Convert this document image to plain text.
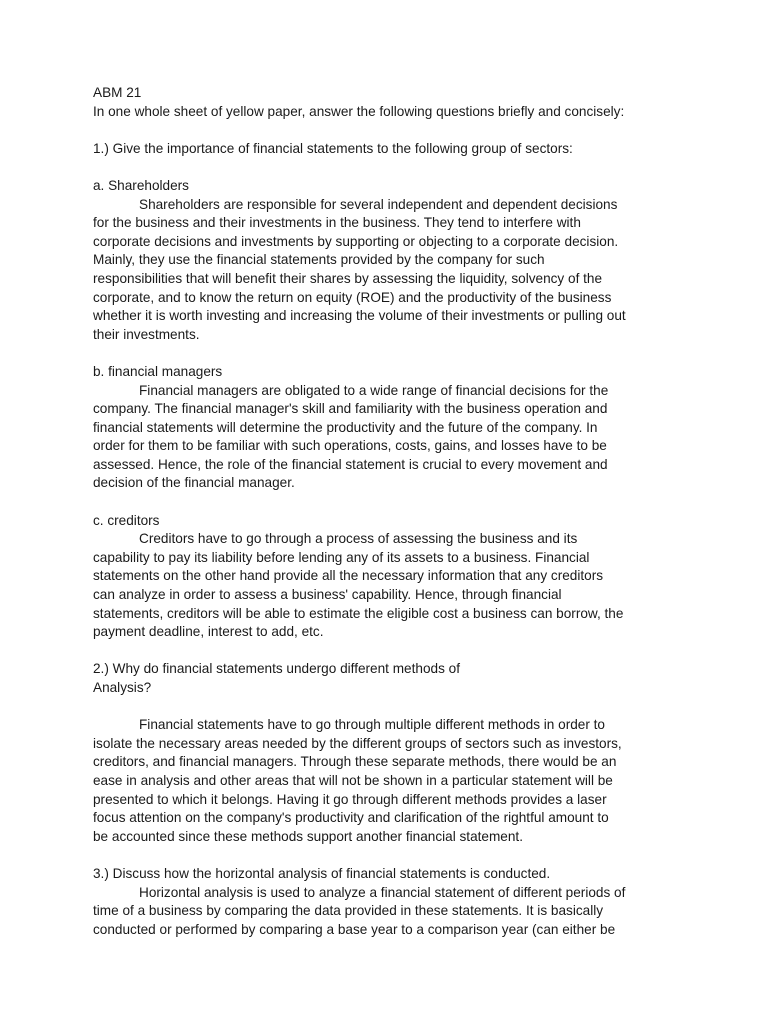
ABM 21

In one whole sheet of yellow paper, answer the following questions briefly and concisely:

1.) Give the importance of financial statements to the following group of sectors:

a. Shareholders

Shareholders are responsible for several independent and dependent decisions

for the business and their investments in the business. They tend to interfere with

corporate decisions and investments by supporting or objecting to a corporate decision.

Mainly, they use the financial statements provided by the company for such

responsibilities that will benefit their shares by assessing the liquidity, solvency of the

corporate, and to know the return on equity (ROE) and the productivity of the business

whether it is worth investing and increasing the volume of their investments or pulling out

their investments.

b. financial managers

Financial managers are obligated to a wide range of financial decisions for the

company. The financial manager's skill and familiarity with the business operation and

financial statements will determine the productivity and the future of the company. In

order for them to be familiar with such operations, costs, gains, and losses have to be

assessed. Hence, the role of the financial statement is crucial to every movement and

decision of the financial manager.

c. creditors

Creditors have to go through a process of assessing the business and its

capability to pay its liability before lending any of its assets to a business. Financial

statements on the other hand provide all the necessary information that any creditors

can analyze in order to assess a business' capability. Hence, through financial

statements, creditors will be able to estimate the eligible cost a business can borrow, the

payment deadline, interest to add, etc.

2.) Why do financial statements undergo different methods of

Analysis?

Financial statements have to go through multiple different methods in order to

isolate the necessary areas needed by the different groups of sectors such as investors,

creditors, and financial managers. Through these separate methods, there would be an

ease in analysis and other areas that will not be shown in a particular statement will be

presented to which it belongs. Having it go through different methods provides a laser

focus attention on the company's productivity and clarification of the rightful amount to

be accounted since these methods support another financial statement.

3.) Discuss how the horizontal analysis of financial statements is conducted.

Horizontal analysis is used to analyze a financial statement of different periods of

time of a business by comparing the data provided in these statements. It is basically

conducted or performed by comparing a base year to a comparison year (can either be
